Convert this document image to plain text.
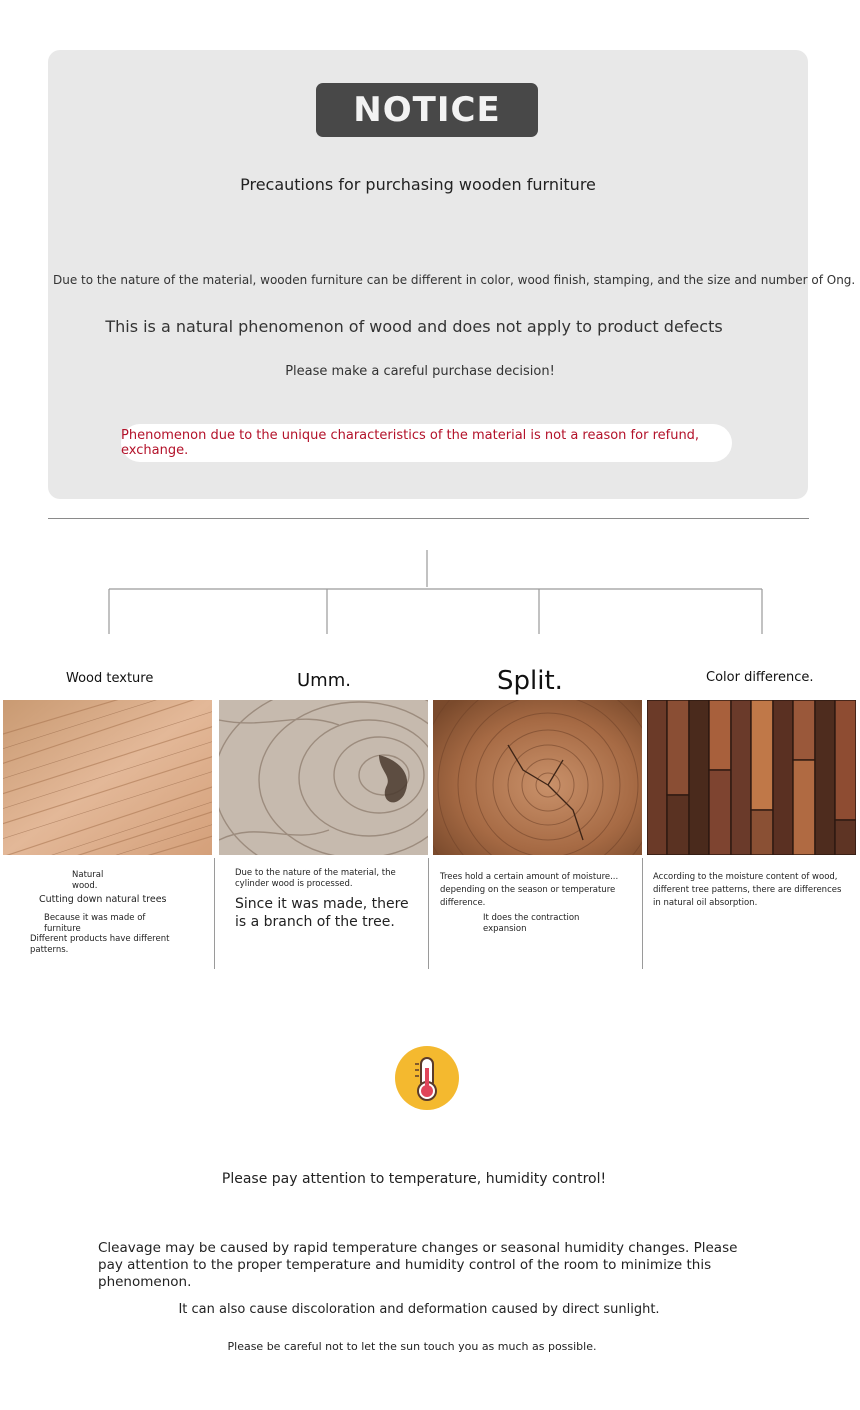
NOTICE
Precautions for purchasing wooden furniture
Due to the nature of the material, wooden furniture can be different in color, wood finish, stamping, and the size and number of Ong.
This is a natural phenomenon of wood and does not apply to product defects
Please make a careful purchase decision!
Phenomenon due to the unique characteristics of the material is not a reason for refund, exchange.
Wood texture	Umm.	Split.	Color difference.
Natural
wood.
Cutting down natural trees
Because it was made of
furniture
Different products have different
patterns.
Due to the nature of the material, the
cylinder wood is processed.
Since it was made, there
is a branch of the tree.
Trees hold a certain amount of moisture...
depending on the season or temperature
difference.
It does the contraction
expansion
According to the moisture content of wood,
different tree patterns, there are differences
in natural oil absorption.
Please pay attention to temperature, humidity control!
Cleavage may be caused by rapid temperature changes or seasonal humidity changes. Please pay attention to the proper temperature and humidity control of the room to minimize this phenomenon.
It can also cause discoloration and deformation caused by direct sunlight.
Please be careful not to let the sun touch you as much as possible.
